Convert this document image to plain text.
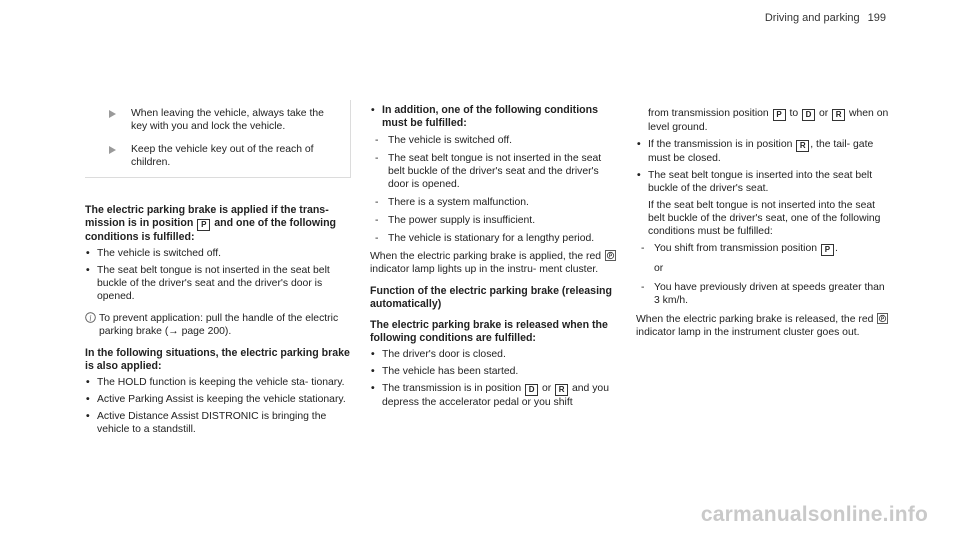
Driving and parking 199
When leaving the vehicle, always take the key with you and lock the vehicle.
Keep the vehicle key out of the reach of children.
The electric parking brake is applied if the trans- mission is in position P and one of the following conditions is fulfilled:
• The vehicle is switched off.
• The seat belt tongue is not inserted in the seat belt buckle of the driver's seat and the driver's door is opened.
i To prevent application: pull the handle of the electric parking brake (→ page 200).
In the following situations, the electric parking brake is also applied:
• The HOLD function is keeping the vehicle sta- tionary.
• Active Parking Assist is keeping the vehicle stationary.
• Active Distance Assist DISTRONIC is bringing the vehicle to a standstill.
• In addition, one of the following conditions must be fulfilled:
- The vehicle is switched off.
- The seat belt tongue is not inserted in the seat belt buckle of the driver's seat and the driver's door is opened.
- There is a system malfunction.
- The power supply is insufficient.
- The vehicle is stationary for a lengthy period.

When the electric parking brake is applied, the red P
indicator lamp lights up in the instru- ment cluster.

Function of the electric parking brake (releasing automatically)
The electric parking brake is released when the following conditions are fulfilled:
• The driver's door is closed.
• The vehicle has been started.
• The transmission is in position D or R and you depress the accelerator pedal or you shift

from transmission position P to D or R when on level ground.

• If the transmission is in position R , the tail- gate must be closed.
• The seat belt tongue is inserted into the seat belt buckle of the driver's seat.
If the seat belt tongue is not inserted into the seat belt buckle of the driver's seat, one of the following conditions must be fulfilled:
- You shift from transmission position P .
or
- You have previously driven at speeds greater than 3 km/h.

When the electric parking brake is released, the red P
indicator lamp in the instrument cluster goes out.

carmanualsonline.info
